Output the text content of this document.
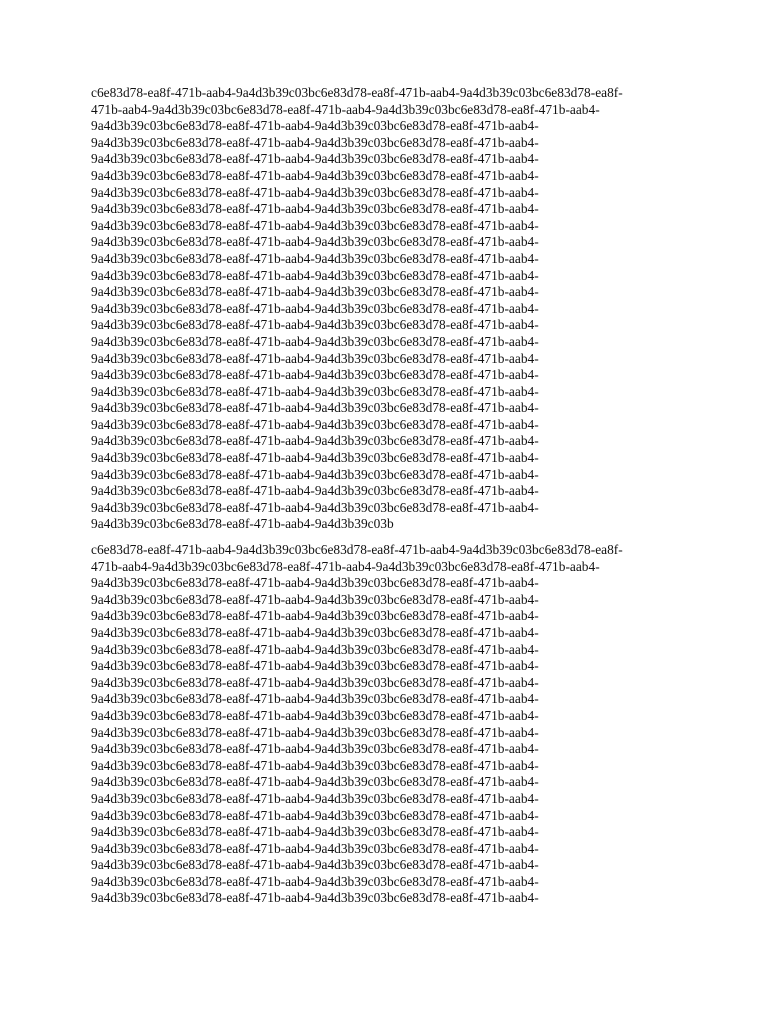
c6e83d78-ea8f-471b-aab4-9a4d3b39c03bc6e83d78-ea8f-471b-aab4-9a4d3b39c03bc6e83d78-ea8f-
471b-aab4-9a4d3b39c03bc6e83d78-ea8f-471b-aab4-9a4d3b39c03bc6e83d78-ea8f-471b-aab4-
9a4d3b39c03bc6e83d78-ea8f-471b-aab4-9a4d3b39c03bc6e83d78-ea8f-471b-aab4-
9a4d3b39c03bc6e83d78-ea8f-471b-aab4-9a4d3b39c03bc6e83d78-ea8f-471b-aab4-
9a4d3b39c03bc6e83d78-ea8f-471b-aab4-9a4d3b39c03bc6e83d78-ea8f-471b-aab4-
9a4d3b39c03bc6e83d78-ea8f-471b-aab4-9a4d3b39c03bc6e83d78-ea8f-471b-aab4-
9a4d3b39c03bc6e83d78-ea8f-471b-aab4-9a4d3b39c03bc6e83d78-ea8f-471b-aab4-
9a4d3b39c03bc6e83d78-ea8f-471b-aab4-9a4d3b39c03bc6e83d78-ea8f-471b-aab4-
9a4d3b39c03bc6e83d78-ea8f-471b-aab4-9a4d3b39c03bc6e83d78-ea8f-471b-aab4-
9a4d3b39c03bc6e83d78-ea8f-471b-aab4-9a4d3b39c03bc6e83d78-ea8f-471b-aab4-
9a4d3b39c03bc6e83d78-ea8f-471b-aab4-9a4d3b39c03bc6e83d78-ea8f-471b-aab4-
9a4d3b39c03bc6e83d78-ea8f-471b-aab4-9a4d3b39c03bc6e83d78-ea8f-471b-aab4-
9a4d3b39c03bc6e83d78-ea8f-471b-aab4-9a4d3b39c03bc6e83d78-ea8f-471b-aab4-
9a4d3b39c03bc6e83d78-ea8f-471b-aab4-9a4d3b39c03bc6e83d78-ea8f-471b-aab4-
9a4d3b39c03bc6e83d78-ea8f-471b-aab4-9a4d3b39c03bc6e83d78-ea8f-471b-aab4-
9a4d3b39c03bc6e83d78-ea8f-471b-aab4-9a4d3b39c03bc6e83d78-ea8f-471b-aab4-
9a4d3b39c03bc6e83d78-ea8f-471b-aab4-9a4d3b39c03bc6e83d78-ea8f-471b-aab4-
9a4d3b39c03bc6e83d78-ea8f-471b-aab4-9a4d3b39c03bc6e83d78-ea8f-471b-aab4-
9a4d3b39c03bc6e83d78-ea8f-471b-aab4-9a4d3b39c03bc6e83d78-ea8f-471b-aab4-
9a4d3b39c03bc6e83d78-ea8f-471b-aab4-9a4d3b39c03bc6e83d78-ea8f-471b-aab4-
9a4d3b39c03bc6e83d78-ea8f-471b-aab4-9a4d3b39c03bc6e83d78-ea8f-471b-aab4-
9a4d3b39c03bc6e83d78-ea8f-471b-aab4-9a4d3b39c03bc6e83d78-ea8f-471b-aab4-
9a4d3b39c03bc6e83d78-ea8f-471b-aab4-9a4d3b39c03bc6e83d78-ea8f-471b-aab4-
9a4d3b39c03bc6e83d78-ea8f-471b-aab4-9a4d3b39c03bc6e83d78-ea8f-471b-aab4-
9a4d3b39c03bc6e83d78-ea8f-471b-aab4-9a4d3b39c03bc6e83d78-ea8f-471b-aab4-
9a4d3b39c03bc6e83d78-ea8f-471b-aab4-9a4d3b39c03bc6e83d78-ea8f-471b-aab4-
9a4d3b39c03bc6e83d78-ea8f-471b-aab4-9a4d3b39c03b

c6e83d78-ea8f-471b-aab4-9a4d3b39c03bc6e83d78-ea8f-471b-aab4-9a4d3b39c03bc6e83d78-ea8f-
471b-aab4-9a4d3b39c03bc6e83d78-ea8f-471b-aab4-9a4d3b39c03bc6e83d78-ea8f-471b-aab4-
9a4d3b39c03bc6e83d78-ea8f-471b-aab4-9a4d3b39c03bc6e83d78-ea8f-471b-aab4-
9a4d3b39c03bc6e83d78-ea8f-471b-aab4-9a4d3b39c03bc6e83d78-ea8f-471b-aab4-
9a4d3b39c03bc6e83d78-ea8f-471b-aab4-9a4d3b39c03bc6e83d78-ea8f-471b-aab4-
9a4d3b39c03bc6e83d78-ea8f-471b-aab4-9a4d3b39c03bc6e83d78-ea8f-471b-aab4-
9a4d3b39c03bc6e83d78-ea8f-471b-aab4-9a4d3b39c03bc6e83d78-ea8f-471b-aab4-
9a4d3b39c03bc6e83d78-ea8f-471b-aab4-9a4d3b39c03bc6e83d78-ea8f-471b-aab4-
9a4d3b39c03bc6e83d78-ea8f-471b-aab4-9a4d3b39c03bc6e83d78-ea8f-471b-aab4-
9a4d3b39c03bc6e83d78-ea8f-471b-aab4-9a4d3b39c03bc6e83d78-ea8f-471b-aab4-
9a4d3b39c03bc6e83d78-ea8f-471b-aab4-9a4d3b39c03bc6e83d78-ea8f-471b-aab4-
9a4d3b39c03bc6e83d78-ea8f-471b-aab4-9a4d3b39c03bc6e83d78-ea8f-471b-aab4-
9a4d3b39c03bc6e83d78-ea8f-471b-aab4-9a4d3b39c03bc6e83d78-ea8f-471b-aab4-
9a4d3b39c03bc6e83d78-ea8f-471b-aab4-9a4d3b39c03bc6e83d78-ea8f-471b-aab4-
9a4d3b39c03bc6e83d78-ea8f-471b-aab4-9a4d3b39c03bc6e83d78-ea8f-471b-aab4-
9a4d3b39c03bc6e83d78-ea8f-471b-aab4-9a4d3b39c03bc6e83d78-ea8f-471b-aab4-
9a4d3b39c03bc6e83d78-ea8f-471b-aab4-9a4d3b39c03bc6e83d78-ea8f-471b-aab4-
9a4d3b39c03bc6e83d78-ea8f-471b-aab4-9a4d3b39c03bc6e83d78-ea8f-471b-aab4-
9a4d3b39c03bc6e83d78-ea8f-471b-aab4-9a4d3b39c03bc6e83d78-ea8f-471b-aab4-
9a4d3b39c03bc6e83d78-ea8f-471b-aab4-9a4d3b39c03bc6e83d78-ea8f-471b-aab4-
9a4d3b39c03bc6e83d78-ea8f-471b-aab4-9a4d3b39c03bc6e83d78-ea8f-471b-aab4-
9a4d3b39c03bc6e83d78-ea8f-471b-aab4-9a4d3b39c03bc6e83d78-ea8f-471b-aab4-
